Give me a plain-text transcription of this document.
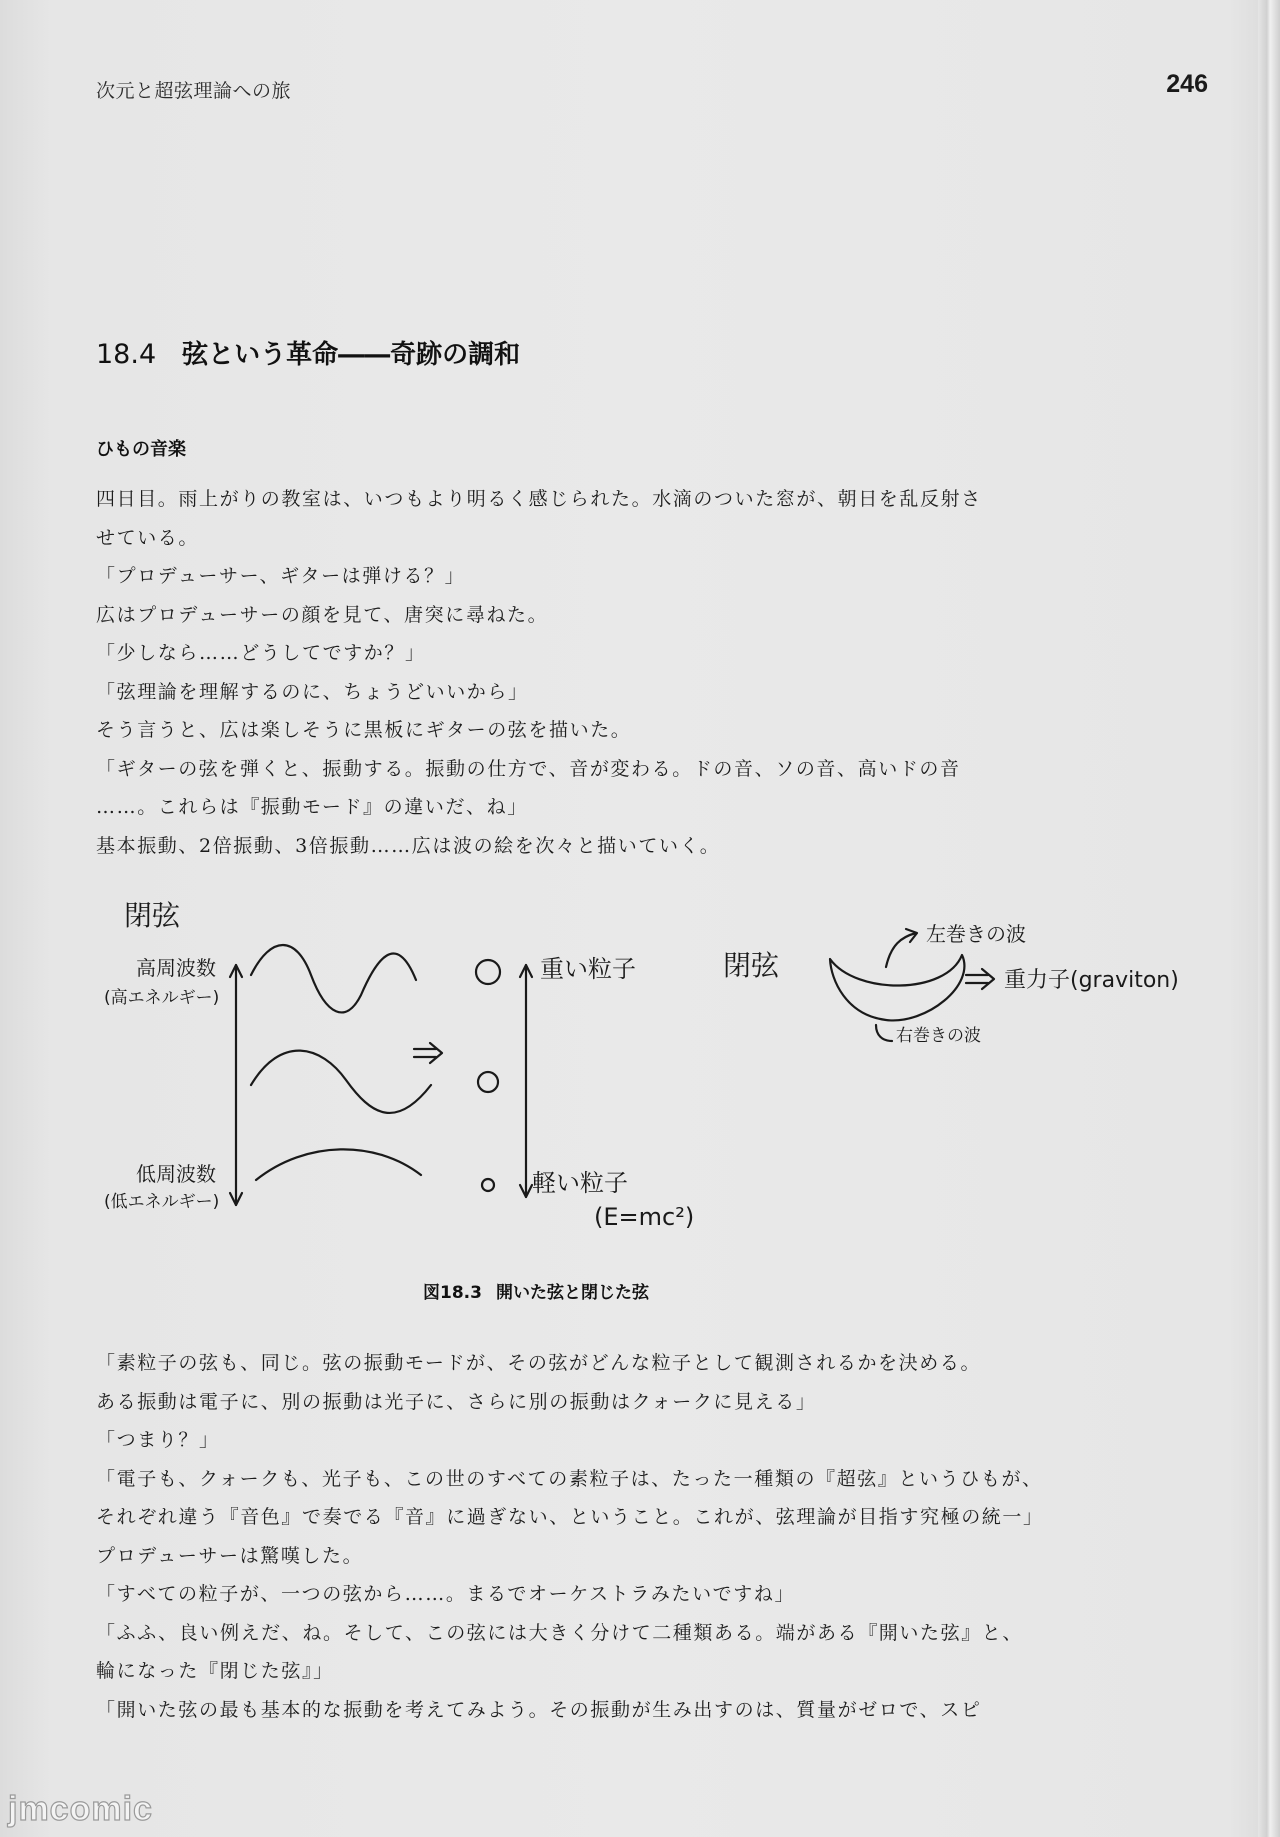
次元と超弦理論への旅	246
18.4 弦という革命――奇跡の調和
ひもの音楽

四日目。雨上がりの教室は、いつもより明るく感じられた。水滴のついた窓が、朝日を乱反射さ

せている。

「プロデューサー、ギターは弾ける？」

広はプロデューサーの顔を見て、唐突に尋ねた。

「少しなら……どうしてですか？」

「弦理論を理解するのに、ちょうどいいから」

そう言うと、広は楽しそうに黒板にギターの弦を描いた。

「ギターの弦を弾くと、振動する。振動の仕方で、音が変わる。ドの音、ソの音、高いドの音

……。これらは『振動モード』の違いだ、ね」

基本振動、2倍振動、3倍振動……広は波の絵を次々と描いていく。

閉弦
高周波数
(高エネルギー)
低周波数
(低エネルギー)
重い粒子
軽い粒子
(E=mc²)
閉弦
左巻きの波
右巻きの波
重力子(graviton)
図18.3 開いた弦と閉じた弦

「素粒子の弦も、同じ。弦の振動モードが、その弦がどんな粒子として観測されるかを決める。

ある振動は電子に、別の振動は光子に、さらに別の振動はクォークに見える」

「つまり？」

「電子も、クォークも、光子も、この世のすべての素粒子は、たった一種類の『超弦』というひもが、

それぞれ違う『音色』で奏でる『音』に過ぎない、ということ。これが、弦理論が目指す究極の統一」

プロデューサーは驚嘆した。

「すべての粒子が、一つの弦から……。まるでオーケストラみたいですね」

「ふふ、良い例えだ、ね。そして、この弦には大きく分けて二種類ある。端がある『開いた弦』と、

輪になった『閉じた弦』」

「開いた弦の最も基本的な振動を考えてみよう。その振動が生み出すのは、質量がゼロで、スピ

jmcomic
